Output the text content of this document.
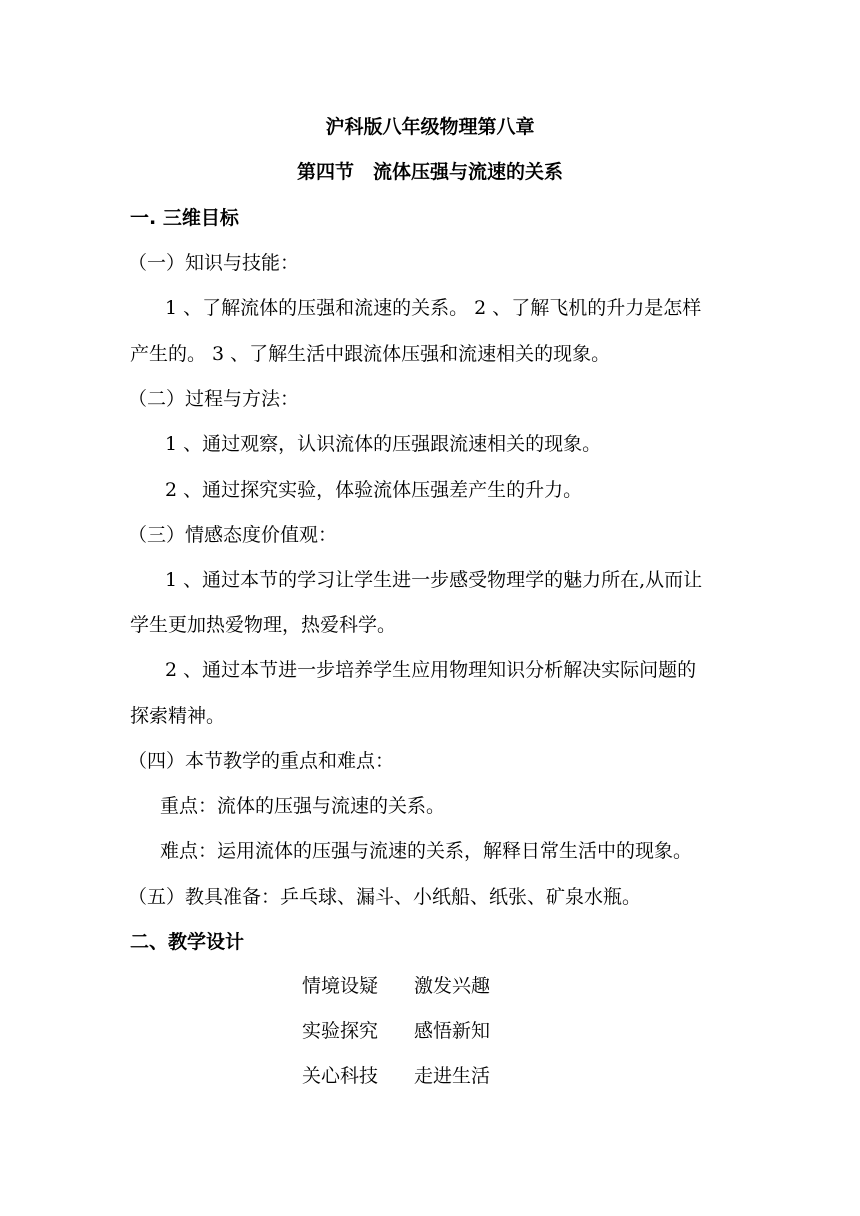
沪科版八年级物理第八章
第四节　流体压强与流速的关系
一. 三维目标
（一）知识与技能：
1 、了解流体的压强和流速的关系。 2 、了解飞机的升力是怎样
产生的。 3 、了解生活中跟流体压强和流速相关的现象。
（二）过程与方法：
1 、通过观察，认识流体的压强跟流速相关的现象。
2 、通过探究实验，体验流体压强差产生的升力。
（三）情感态度价值观：
1 、通过本节的学习让学生进一步感受物理学的魅力所在,从而让
学生更加热爱物理，热爱科学。
2 、通过本节进一步培养学生应用物理知识分析解决实际问题的
探索精神。
（四）本节教学的重点和难点：
重点：流体的压强与流速的关系。
难点：运用流体的压强与流速的关系，解释日常生活中的现象。
（五）教具准备：乒乓球、漏斗、小纸船、纸张、矿泉水瓶。
二、教学设计
情境设疑 激发兴趣
实验探究 感悟新知
关心科技 走进生活
